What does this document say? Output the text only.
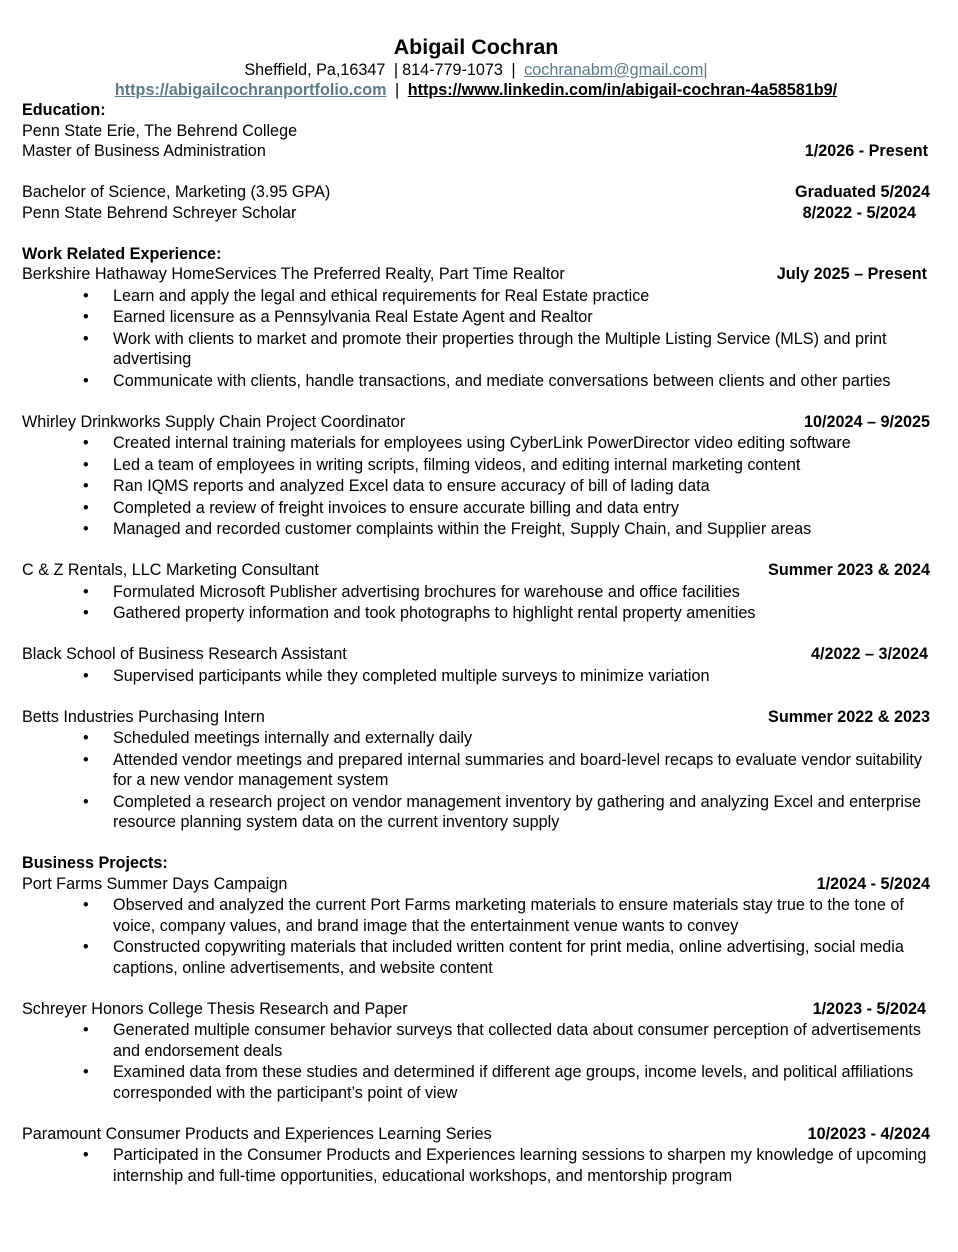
Abigail Cochran
Sheffield, Pa,16347 | 814-779-1073 | cochranabm@gmail.com|
https://abigailcochranportfolio.com | https://www.linkedin.com/in/abigail-cochran-4a58581b9/
Education:
Penn State Erie, The Behrend College
Master of Business Administration	1/2026 - Present
Bachelor of Science, Marketing (3.95 GPA)	Graduated 5/2024
Penn State Behrend Schreyer Scholar	8/2022 - 5/2024
Work Related Experience:
Berkshire Hathaway HomeServices The Preferred Realty, Part Time Realtor	July 2025 – Present
• Learn and apply the legal and ethical requirements for Real Estate practice
• Earned licensure as a Pennsylvania Real Estate Agent and Realtor
• Work with clients to market and promote their properties through the Multiple Listing Service (MLS) and print advertising
• Communicate with clients, handle transactions, and mediate conversations between clients and other parties
Whirley Drinkworks Supply Chain Project Coordinator	10/2024 – 9/2025
• Created internal training materials for employees using CyberLink PowerDirector video editing software
• Led a team of employees in writing scripts, filming videos, and editing internal marketing content
• Ran IQMS reports and analyzed Excel data to ensure accuracy of bill of lading data
• Completed a review of freight invoices to ensure accurate billing and data entry
• Managed and recorded customer complaints within the Freight, Supply Chain, and Supplier areas
C & Z Rentals, LLC Marketing Consultant	Summer 2023 & 2024
• Formulated Microsoft Publisher advertising brochures for warehouse and office facilities
• Gathered property information and took photographs to highlight rental property amenities
Black School of Business Research Assistant	4/2022 – 3/2024
• Supervised participants while they completed multiple surveys to minimize variation
Betts Industries Purchasing Intern	Summer 2022 & 2023
• Scheduled meetings internally and externally daily
• Attended vendor meetings and prepared internal summaries and board-level recaps to evaluate vendor suitability for a new vendor management system
• Completed a research project on vendor management inventory by gathering and analyzing Excel and enterprise resource planning system data on the current inventory supply
Business Projects:
Port Farms Summer Days Campaign	1/2024 - 5/2024
• Observed and analyzed the current Port Farms marketing materials to ensure materials stay true to the tone of voice, company values, and brand image that the entertainment venue wants to convey
• Constructed copywriting materials that included written content for print media, online advertising, social media captions, online advertisements, and website content
Schreyer Honors College Thesis Research and Paper	1/2023 - 5/2024
• Generated multiple consumer behavior surveys that collected data about consumer perception of advertisements and endorsement deals
• Examined data from these studies and determined if different age groups, income levels, and political affiliations corresponded with the participant’s point of view
Paramount Consumer Products and Experiences Learning Series	10/2023 - 4/2024
• Participated in the Consumer Products and Experiences learning sessions to sharpen my knowledge of upcoming internship and full-time opportunities, educational workshops, and mentorship program
